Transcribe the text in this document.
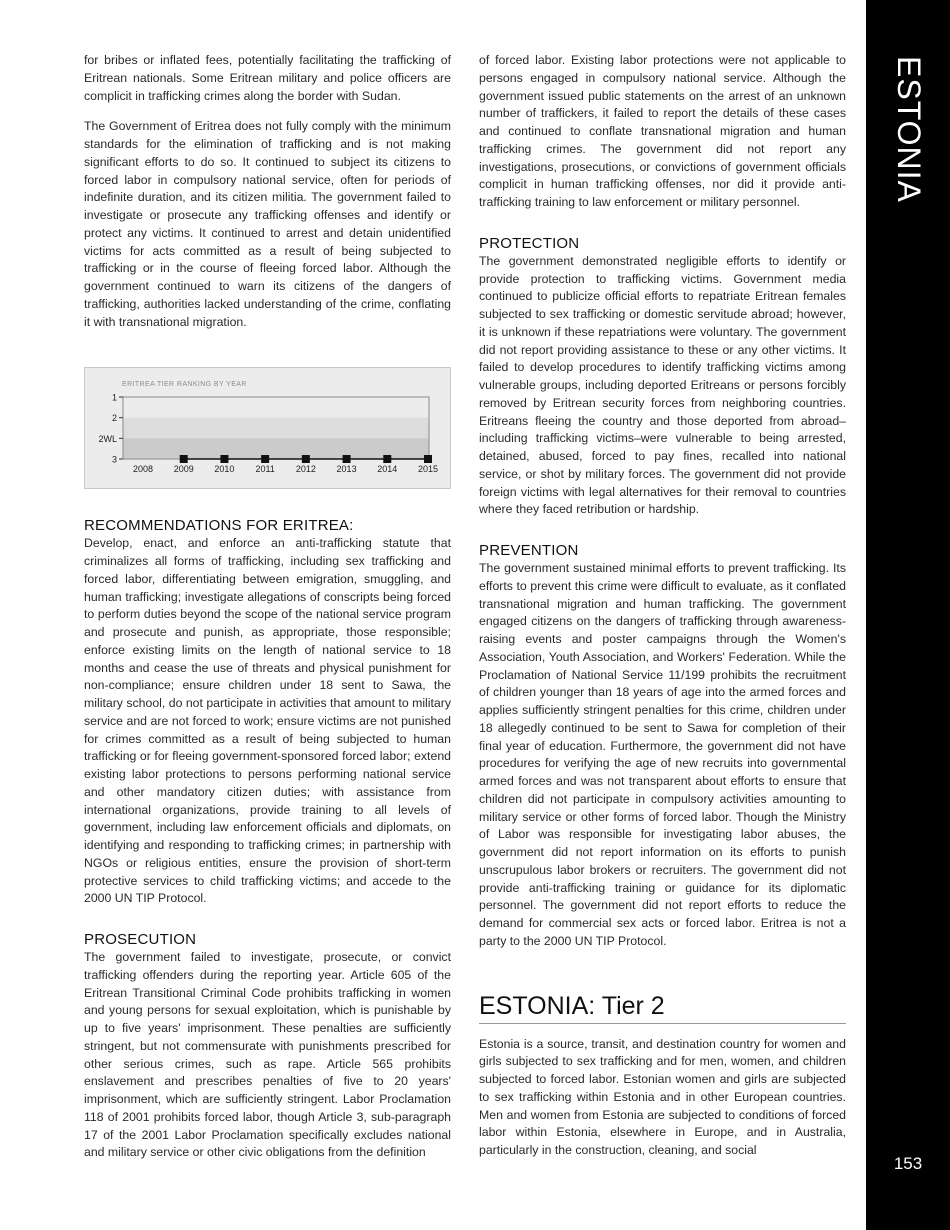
for bribes or inflated fees, potentially facilitating the trafficking of Eritrean nationals. Some Eritrean military and police officers are complicit in trafficking crimes along the border with Sudan.

The Government of Eritrea does not fully comply with the minimum standards for the elimination of trafficking and is not making significant efforts to do so. It continued to subject its citizens to forced labor in compulsory national service, often for periods of indefinite duration, and its citizen militia. The government failed to investigate or prosecute any trafficking offenses and identify or protect any victims. It continued to arrest and detain unidentified victims for acts committed as a result of being subjected to trafficking or in the course of fleeing forced labor. Although the government continued to warn its citizens of the dangers of trafficking, authorities lacked understanding of the crime, conflating it with transnational migration.

ERITREA TIER RANKING BY YEAR
1
2
2WL
3
2008 2009 2010 2011 2012 2013 2014 2015
RECOMMENDATIONS FOR ERITREA:

Develop, enact, and enforce an anti-trafficking statute that criminalizes all forms of trafficking, including sex trafficking and forced labor, differentiating between emigration, smuggling, and human trafficking; investigate allegations of conscripts being forced to perform duties beyond the scope of the national service program and prosecute and punish, as appropriate, those responsible; enforce existing limits on the length of national service to 18 months and cease the use of threats and physical punishment for non-compliance; ensure children under 18 sent to Sawa, the military school, do not participate in activities that amount to military service and are not forced to work; ensure victims are not punished for crimes committed as a result of being subjected to human trafficking or for fleeing government-sponsored forced labor; extend existing labor protections to persons performing national service and other mandatory citizen duties; with assistance from international organizations, provide training to all levels of government, including law enforcement officials and diplomats, on identifying and responding to trafficking crimes; in partnership with NGOs or religious entities, ensure the provision of short-term protective services to child trafficking victims; and accede to the 2000 UN TIP Protocol.

PROSECUTION

The government failed to investigate, prosecute, or convict trafficking offenders during the reporting year. Article 605 of the Eritrean Transitional Criminal Code prohibits trafficking in women and young persons for sexual exploitation, which is punishable by up to five years' imprisonment. These penalties are sufficiently stringent, but not commensurate with punishments prescribed for other serious crimes, such as rape. Article 565 prohibits enslavement and prescribes penalties of five to 20 years' imprisonment, which are sufficiently stringent. Labor Proclamation 118 of 2001 prohibits forced labor, though Article 3, sub-paragraph 17 of the 2001 Labor Proclamation specifically excludes national and military service or other civic obligations from the definition

of forced labor. Existing labor protections were not applicable to persons engaged in compulsory national service. Although the government issued public statements on the arrest of an unknown number of traffickers, it failed to report the details of these cases and continued to conflate transnational migration and human trafficking crimes. The government did not report any investigations, prosecutions, or convictions of government officials complicit in human trafficking offenses, nor did it provide anti-trafficking training to law enforcement or military personnel.

PROTECTION

The government demonstrated negligible efforts to identify or provide protection to trafficking victims. Government media continued to publicize official efforts to repatriate Eritrean females subjected to sex trafficking or domestic servitude abroad; however, it is unknown if these repatriations were voluntary. The government did not report providing assistance to these or any other victims. It failed to develop procedures to identify trafficking victims among vulnerable groups, including deported Eritreans or persons forcibly removed by Eritrean security forces from neighboring countries. Eritreans fleeing the country and those deported from abroad–including trafficking victims–were vulnerable to being arrested, detained, abused, forced to pay fines, recalled into national service, or shot by military forces. The government did not provide foreign victims with legal alternatives for their removal to countries where they faced retribution or hardship.

PREVENTION

The government sustained minimal efforts to prevent trafficking. Its efforts to prevent this crime were difficult to evaluate, as it conflated transnational migration and human trafficking. The government engaged citizens on the dangers of trafficking through awareness-raising events and poster campaigns through the Women's Association, Youth Association, and Workers' Federation. While the Proclamation of National Service 11/199 prohibits the recruitment of children younger than 18 years of age into the armed forces and applies sufficiently stringent penalties for this crime, children under 18 allegedly continued to be sent to Sawa for completion of their final year of education. Furthermore, the government did not have procedures for verifying the age of new recruits into governmental armed forces and was not transparent about efforts to ensure that children did not participate in compulsory activities amounting to military service or other forms of forced labor. Though the Ministry of Labor was responsible for investigating labor abuses, the government did not report information on its efforts to punish unscrupulous labor brokers or recruiters. The government did not provide anti-trafficking training or guidance for its diplomatic personnel. The government did not report efforts to reduce the demand for commercial sex acts or forced labor. Eritrea is not a party to the 2000 UN TIP Protocol.

ESTONIA: Tier 2

Estonia is a source, transit, and destination country for women and girls subjected to sex trafficking and for men, women, and children subjected to forced labor. Estonian women and girls are subjected to sex trafficking within Estonia and in other European countries. Men and women from Estonia are subjected to conditions of forced labor within Estonia, elsewhere in Europe, and in Australia, particularly in the construction, cleaning, and social

ESTONIA
153
